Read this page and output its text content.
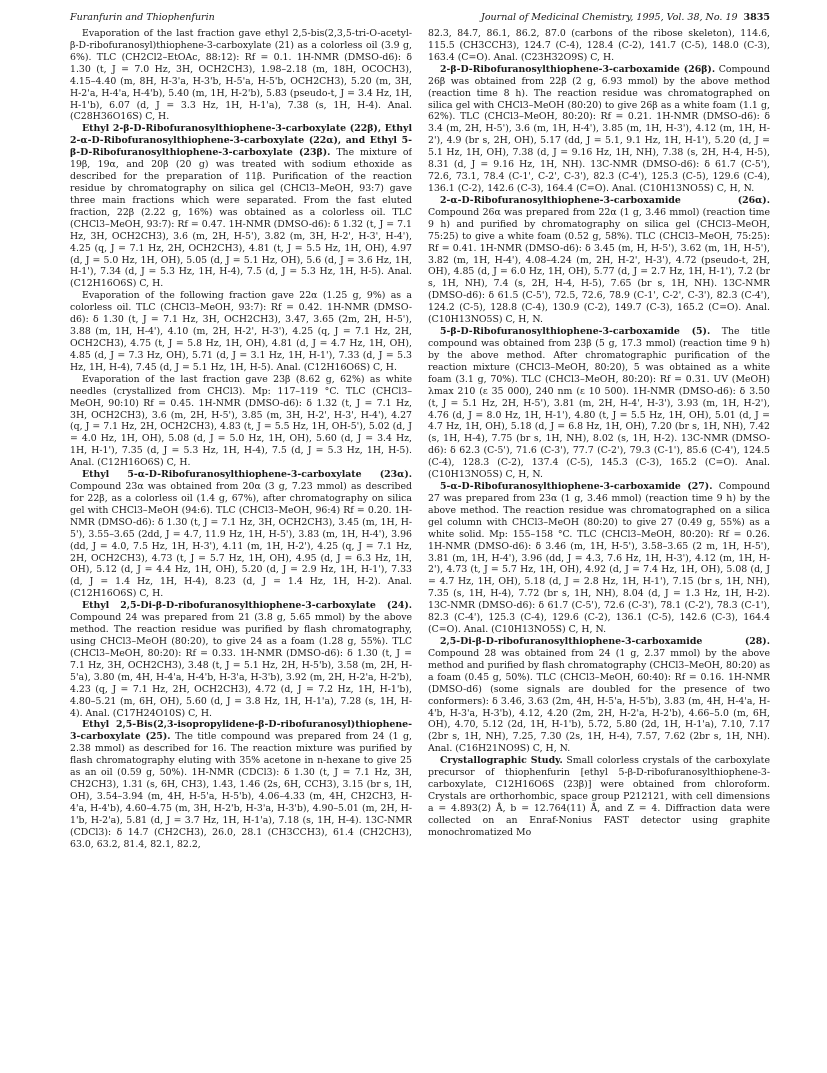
Furanfurin and Thiophenfurin	Journal of Medicinal Chemistry, 1995, Vol. 38, No. 19 3835

Evaporation of the last fraction gave ethyl 2,5-bis(2,3,5-tri-O-acetyl-β-D-ribofuranosyl)thiophene-3-carboxylate (21) as a colorless oil (3.9 g, 6%). TLC (CH2Cl2–EtOAc, 88:12): Rf = 0.1. 1H-NMR (DMSO-d6): δ 1.30 (t, J = 7.0 Hz, 3H, OCH2CH3), 1.98–2.18 (m, 18H, OCOCH3), 4.15–4.40 (m, 8H, H-3'a, H-3'b, H-5'a, H-5'b, OCH2CH3), 5.20 (m, 3H, H-2'a, H-4'a, H-4'b), 5.40 (m, 1H, H-2'b), 5.83 (pseudo-t, J = 3.4 Hz, 1H, H-1'b), 6.07 (d, J = 3.3 Hz, 1H, H-1'a), 7.38 (s, 1H, H-4). Anal. (C28H36O16S) C, H.

Ethyl 2-β-D-Ribofuranosylthiophene-3-carboxylate (22β), Ethyl 2-α-D-Ribofuranosylthiophene-3-carboxylate (22α), and Ethyl 5-β-D-Ribofuranosylthiophene-3-carboxylate (23β). The mixture of 19β, 19α, and 20β (20 g) was treated with sodium ethoxide as described for the preparation of 11β. Purification of the reaction residue by chromatography on silica gel (CHCl3–MeOH, 93:7) gave three main fractions which were separated. From the fast eluted fraction, 22β (2.22 g, 16%) was obtained as a colorless oil. TLC (CHCl3–MeOH, 93:7): Rf = 0.47. 1H-NMR (DMSO-d6): δ 1.32 (t, J = 7.1 Hz, 3H, OCH2CH3), 3.6 (m, 2H, H-5'), 3.82 (m, 3H, H-2', H-3', H-4'), 4.25 (q, J = 7.1 Hz, 2H, OCH2CH3), 4.81 (t, J = 5.5 Hz, 1H, OH), 4.97 (d, J = 5.0 Hz, 1H, OH), 5.05 (d, J = 5.1 Hz, OH), 5.6 (d, J = 3.6 Hz, 1H, H-1'), 7.34 (d, J = 5.3 Hz, 1H, H-4), 7.5 (d, J = 5.3 Hz, 1H, H-5). Anal. (C12H16O6S) C, H.

Evaporation of the following fraction gave 22α (1.25 g, 9%) as a colorless oil. TLC (CHCl3–MeOH, 93:7): Rf = 0.42. 1H-NMR (DMSO-d6): δ 1.30 (t, J = 7.1 Hz, 3H, OCH2CH3), 3.47, 3.65 (2m, 2H, H-5'), 3.88 (m, 1H, H-4'), 4.10 (m, 2H, H-2', H-3'), 4.25 (q, J = 7.1 Hz, 2H, OCH2CH3), 4.75 (t, J = 5.8 Hz, 1H, OH), 4.81 (d, J = 4.7 Hz, 1H, OH), 4.85 (d, J = 7.3 Hz, OH), 5.71 (d, J = 3.1 Hz, 1H, H-1'), 7.33 (d, J = 5.3 Hz, 1H, H-4), 7.45 (d, J = 5.1 Hz, 1H, H-5). Anal. (C12H16O6S) C, H.

Evaporation of the last fraction gave 23β (8.62 g, 62%) as white needles (crystallized from CHCl3). Mp: 117–119 °C. TLC (CHCl3–MeOH, 90:10) Rf = 0.45. 1H-NMR (DMSO-d6): δ 1.32 (t, J = 7.1 Hz, 3H, OCH2CH3), 3.6 (m, 2H, H-5'), 3.85 (m, 3H, H-2', H-3', H-4'), 4.27 (q, J = 7.1 Hz, 2H, OCH2CH3), 4.83 (t, J = 5.5 Hz, 1H, OH-5'), 5.02 (d, J = 4.0 Hz, 1H, OH), 5.08 (d, J = 5.0 Hz, 1H, OH), 5.60 (d, J = 3.4 Hz, 1H, H-1'), 7.35 (d, J = 5.3 Hz, 1H, H-4), 7.5 (d, J = 5.3 Hz, 1H, H-5). Anal. (C12H16O6S) C, H.

Ethyl 5-α-D-Ribofuranosylthiophene-3-carboxylate (23α). Compound 23α was obtained from 20α (3 g, 7.23 mmol) as described for 22β, as a colorless oil (1.4 g, 67%), after chromatography on silica gel with CHCl3–MeOH (94:6). TLC (CHCl3–MeOH, 96:4) Rf = 0.20. 1H-NMR (DMSO-d6): δ 1.30 (t, J = 7.1 Hz, 3H, OCH2CH3), 3.45 (m, 1H, H-5'), 3.55–3.65 (2dd, J = 4.7, 11.9 Hz, 1H, H-5'), 3.83 (m, 1H, H-4'), 3.96 (dd, J = 4.0, 7.5 Hz, 1H, H-3'), 4.11 (m, 1H, H-2'), 4.25 (q, J = 7.1 Hz, 2H, OCH2CH3), 4.73 (t, J = 5.7 Hz, 1H, OH), 4.95 (d, J = 6.3 Hz, 1H, OH), 5.12 (d, J = 4.4 Hz, 1H, OH), 5.20 (d, J = 2.9 Hz, 1H, H-1'), 7.33 (d, J = 1.4 Hz, 1H, H-4), 8.23 (d, J = 1.4 Hz, 1H, H-2). Anal. (C12H16O6S) C, H.

Ethyl 2,5-Di-β-D-ribofuranosylthiophene-3-carboxylate (24). Compound 24 was prepared from 21 (3.8 g, 5.65 mmol) by the above method. The reaction residue was purified by flash chromatography, using CHCl3–MeOH (80:20), to give 24 as a foam (1.28 g, 55%). TLC (CHCl3–MeOH, 80:20): Rf = 0.33. 1H-NMR (DMSO-d6): δ 1.30 (t, J = 7.1 Hz, 3H, OCH2CH3), 3.48 (t, J = 5.1 Hz, 2H, H-5'b), 3.58 (m, 2H, H-5'a), 3.80 (m, 4H, H-4'a, H-4'b, H-3'a, H-3'b), 3.92 (m, 2H, H-2'a, H-2'b), 4.23 (q, J = 7.1 Hz, 2H, OCH2CH3), 4.72 (d, J = 7.2 Hz, 1H, H-1'b), 4.80–5.21 (m, 6H, OH), 5.60 (d, J = 3.8 Hz, 1H, H-1'a), 7.28 (s, 1H, H-4). Anal. (C17H24O10S) C, H.

Ethyl 2,5-Bis(2,3-isopropylidene-β-D-ribofuranosyl)thiophene-3-carboxylate (25). The title compound was prepared from 24 (1 g, 2.38 mmol) as described for 16. The reaction mixture was purified by flash chromatography eluting with 35% acetone in n-hexane to give 25 as an oil (0.59 g, 50%). 1H-NMR (CDCl3): δ 1.30 (t, J = 7.1 Hz, 3H, CH2CH3), 1.31 (s, 6H, CH3), 1.43, 1.46 (2s, 6H, CCH3), 3.15 (br s, 1H, OH), 3.54–3.94 (m, 4H, H-5'a, H-5'b), 4.06–4.33 (m, 4H, CH2CH3, H-4'a, H-4'b), 4.60–4.75 (m, 3H, H-2'b, H-3'a, H-3'b), 4.90–5.01 (m, 2H, H-1'b, H-2'a), 5.81 (d, J = 3.7 Hz, 1H, H-1'a), 7.18 (s, 1H, H-4). 13C-NMR (CDCl3): δ 14.7 (CH2CH3), 26.0, 28.1 (CH3CCH3), 61.4 (CH2CH3), 63.0, 63.2, 81.4, 82.1, 82.2,

82.3, 84.7, 86.1, 86.2, 87.0 (carbons of the ribose skeleton), 114.6, 115.5 (CH3CCH3), 124.7 (C-4), 128.4 (C-2), 141.7 (C-5), 148.0 (C-3), 163.4 (C=O). Anal. (C23H32O9S) C, H.

2-β-D-Ribofuranosylthiophene-3-carboxamide (26β). Compound 26β was obtained from 22β (2 g, 6.93 mmol) by the above method (reaction time 8 h). The reaction residue was chromatographed on silica gel with CHCl3–MeOH (80:20) to give 26β as a white foam (1.1 g, 62%). TLC (CHCl3–MeOH, 80:20): Rf = 0.21. 1H-NMR (DMSO-d6): δ 3.4 (m, 2H, H-5'), 3.6 (m, 1H, H-4'), 3.85 (m, 1H, H-3'), 4.12 (m, 1H, H-2'), 4.9 (br s, 2H, OH), 5.17 (dd, J = 5.1, 9.1 Hz, 1H, H-1'), 5.20 (d, J = 5.1 Hz, 1H, OH), 7.38 (d, J = 9.16 Hz, 1H, NH), 7.38 (s, 2H, H-4, H-5), 8.31 (d, J = 9.16 Hz, 1H, NH). 13C-NMR (DMSO-d6): δ 61.7 (C-5'), 72.6, 73.1, 78.4 (C-1', C-2', C-3'), 82.3 (C-4'), 125.3 (C-5), 129.6 (C-4), 136.1 (C-2), 142.6 (C-3), 164.4 (C=O). Anal. (C10H13NO5S) C, H, N.

2-α-D-Ribofuranosylthiophene-3-carboxamide (26α). Compound 26α was prepared from 22α (1 g, 3.46 mmol) (reaction time 9 h) and purified by chromatography on silica gel (CHCl3–MeOH, 75:25) to give a white foam (0.52 g, 58%). TLC (CHCl3–MeOH, 75:25): Rf = 0.41. 1H-NMR (DMSO-d6): δ 3.45 (m, H, H-5'), 3.62 (m, 1H, H-5'), 3.82 (m, 1H, H-4'), 4.08–4.24 (m, 2H, H-2', H-3'), 4.72 (pseudo-t, 2H, OH), 4.85 (d, J = 6.0 Hz, 1H, OH), 5.77 (d, J = 2.7 Hz, 1H, H-1'), 7.2 (br s, 1H, NH), 7.4 (s, 2H, H-4, H-5), 7.65 (br s, 1H, NH). 13C-NMR (DMSO-d6): δ 61.5 (C-5'), 72.5, 72.6, 78.9 (C-1', C-2', C-3'), 82.3 (C-4'), 124.2 (C-5), 128.8 (C-4), 130.9 (C-2), 149.7 (C-3), 165.2 (C=O). Anal. (C10H13NO5S) C, H, N.

5-β-D-Ribofuranosylthiophene-3-carboxamide (5). The title compound was obtained from 23β (5 g, 17.3 mmol) (reaction time 9 h) by the above method. After chromatographic purification of the reaction mixture (CHCl3–MeOH, 80:20), 5 was obtained as a white foam (3.1 g, 70%). TLC (CHCl3–MeOH, 80:20): Rf = 0.31. UV (MeOH) λmax 210 (ε 35 000), 240 nm (ε 10 500). 1H-NMR (DMSO-d6): δ 3.50 (t, J = 5.1 Hz, 2H, H-5'), 3.81 (m, 2H, H-4', H-3'), 3.93 (m, 1H, H-2'), 4.76 (d, J = 8.0 Hz, 1H, H-1'), 4.80 (t, J = 5.5 Hz, 1H, OH), 5.01 (d, J = 4.7 Hz, 1H, OH), 5.18 (d, J = 6.8 Hz, 1H, OH), 7.20 (br s, 1H, NH), 7.42 (s, 1H, H-4), 7.75 (br s, 1H, NH), 8.02 (s, 1H, H-2). 13C-NMR (DMSO-d6): δ 62.3 (C-5'), 71.6 (C-3'), 77.7 (C-2'), 79.3 (C-1'), 85.6 (C-4'), 124.5 (C-4), 128.3 (C-2), 137.4 (C-5), 145.3 (C-3), 165.2 (C=O). Anal. (C10H13NO5S) C, H, N.

5-α-D-Ribofuranosylthiophene-3-carboxamide (27). Compound 27 was prepared from 23α (1 g, 3.46 mmol) (reaction time 9 h) by the above method. The reaction residue was chromatographed on a silica gel column with CHCl3–MeOH (80:20) to give 27 (0.49 g, 55%) as a white solid. Mp: 155–158 °C. TLC (CHCl3–MeOH, 80:20): Rf = 0.26. 1H-NMR (DMSO-d6): δ 3.46 (m, 1H, H-5'), 3.58–3.65 (2 m, 1H, H-5'), 3.81 (m, 1H, H-4'), 3.96 (dd, J = 4.3, 7.6 Hz, 1H, H-3'), 4.12 (m, 1H, H-2'), 4.73 (t, J = 5.7 Hz, 1H, OH), 4.92 (d, J = 7.4 Hz, 1H, OH), 5.08 (d, J = 4.7 Hz, 1H, OH), 5.18 (d, J = 2.8 Hz, 1H, H-1'), 7.15 (br s, 1H, NH), 7.35 (s, 1H, H-4), 7.72 (br s, 1H, NH), 8.04 (d, J = 1.3 Hz, 1H, H-2). 13C-NMR (DMSO-d6): δ 61.7 (C-5'), 72.6 (C-3'), 78.1 (C-2'), 78.3 (C-1'), 82.3 (C-4'), 125.3 (C-4), 129.6 (C-2), 136.1 (C-5), 142.6 (C-3), 164.4 (C=O). Anal. (C10H13NO5S) C, H, N.

2,5-Di-β-D-ribofuranosylthiophene-3-carboxamide (28). Compound 28 was obtained from 24 (1 g, 2.37 mmol) by the above method and purified by flash chromatography (CHCl3–MeOH, 80:20) as a foam (0.45 g, 50%). TLC (CHCl3–MeOH, 60:40): Rf = 0.16. 1H-NMR (DMSO-d6) (some signals are doubled for the presence of two conformers): δ 3.46, 3.63 (2m, 4H, H-5'a, H-5'b), 3.83 (m, 4H, H-4'a, H-4'b, H-3'a, H-3'b), 4.12, 4.20 (2m, 2H, H-2'a, H-2'b), 4.66–5.0 (m, 6H, OH), 4.70, 5.12 (2d, 1H, H-1'b), 5.72, 5.80 (2d, 1H, H-1'a), 7.10, 7.17 (2br s, 1H, NH), 7.25, 7.30 (2s, 1H, H-4), 7.57, 7.62 (2br s, 1H, NH). Anal. (C16H21NO9S) C, H, N.

Crystallographic Study. Small colorless crystals of the carboxylate precursor of thiophenfurin [ethyl 5-β-D-ribofuranosylthiophene-3-carboxylate, C12H16O6S (23β)] were obtained from chloroform. Crystals are orthorhombic, space group P212121, with cell dimensions a = 4.893(2) Å, b = 12.764(11) Å, and Z = 4. Diffraction data were collected on an Enraf-Nonius FAST detector using graphite monochromatized Mo
